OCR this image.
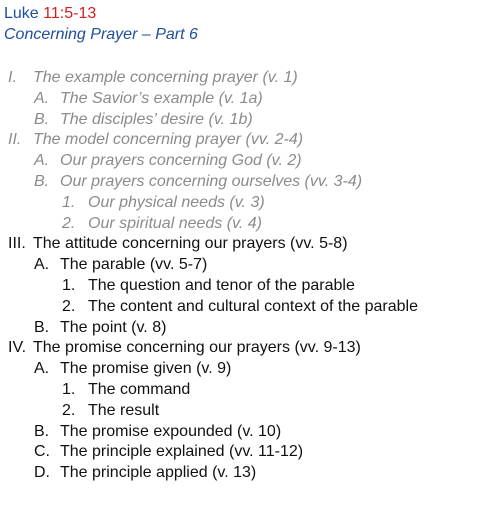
Luke 11:5-13
Concerning Prayer – Part 6
I. The example concerning prayer (v. 1)
A. The Savior’s example (v. 1a)
B. The disciples’ desire (v. 1b)
II. The model concerning prayer (vv. 2-4)
A. Our prayers concerning God (v. 2)
B. Our prayers concerning ourselves (vv. 3-4)
1. Our physical needs (v. 3)
2. Our spiritual needs (v. 4)
III. The attitude concerning our prayers (vv. 5-8)
A. The parable (vv. 5-7)
1. The question and tenor of the parable
2. The content and cultural context of the parable
B. The point (v. 8)
IV. The promise concerning our prayers (vv. 9-13)
A. The promise given (v. 9)
1. The command
2. The result
B. The promise expounded (v. 10)
C. The principle explained (vv. 11-12)
D. The principle applied (v. 13)
